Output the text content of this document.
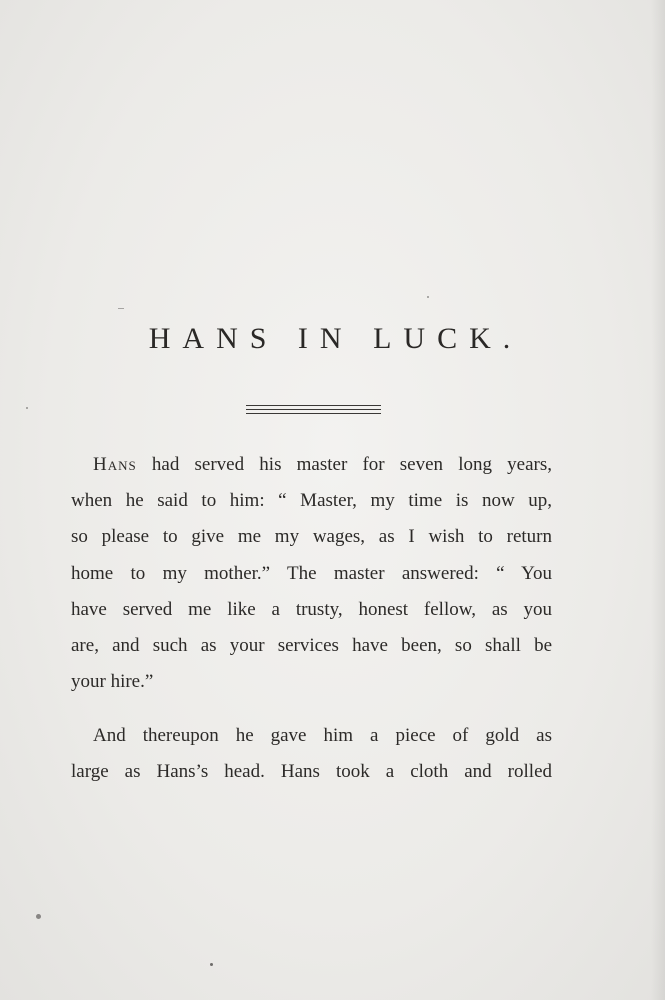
HANS IN LUCK.
Hans had served his master for seven long years,
when he said to him: “ Master, my time is now up,
so please to give me my wages, as I wish to return
home to my mother.” The master answered: “ You
have served me like a trusty, honest fellow, as you
are, and such as your services have been, so shall be
your hire.”
And thereupon he gave him a piece of gold as
large as Hans’s head. Hans took a cloth and rolled
